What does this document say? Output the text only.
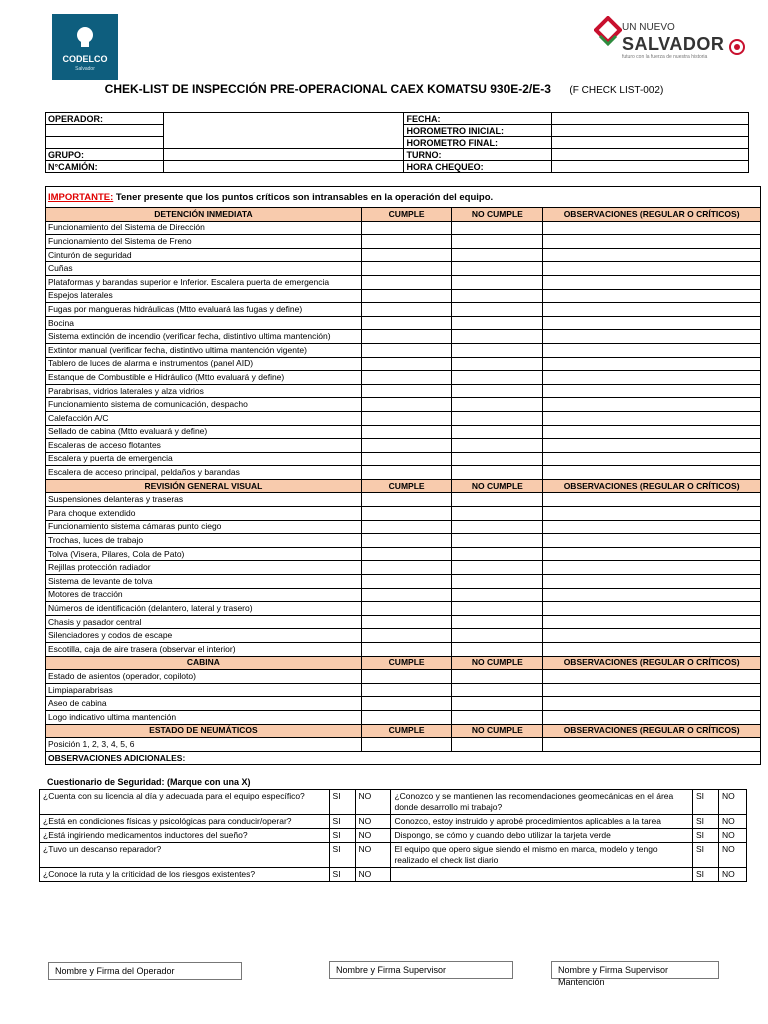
CODELCO
Salvador
UN NUEVO
SALVADOR
futuro con la fuerza de nuestra historia
CHEK-LIST DE INSPECCIÓN PRE-OPERACIONAL CAEX KOMATSU 930E-2/E-3 (F CHECK LIST-002)
OPERADOR:		FECHA:	
		HOROMETRO INICIAL:	
		HOROMETRO FINAL:	
GRUPO:		TURNO:	
N°CAMIÓN:		HORA CHEQUEO:	
IMPORTANTE: Tener presente que los puntos críticos son intransables en la operación del equipo.			
DETENCIÓN INMEDIATA	CUMPLE	NO CUMPLE	OBSERVACIONES (REGULAR O CRÍTICOS)
Funcionamiento del Sistema de Dirección			
Funcionamiento del Sistema de Freno			
Cinturón de seguridad			
Cuñas			
Plataformas y barandas superior e Inferior. Escalera puerta de emergencia			
Espejos laterales			
Fugas por mangueras hidráulicas (Mtto evaluará las fugas y define)			
Bocina			
Sistema extinción de incendio (verificar fecha, distintivo ultima mantención)			
Extintor manual (verificar fecha, distintivo ultima mantención vigente)			
Tablero de luces de alarma e instrumentos (panel AID)			
Estanque de Combustible e Hidráulico (Mtto evaluará y define)			
Parabrisas, vidrios laterales y alza vidrios			
Funcionamiento sistema de comunicación, despacho			
Calefacción A/C			
Sellado de cabina (Mtto evaluará y define)			
Escaleras de acceso flotantes			
Escalera y puerta de emergencia			
Escalera de acceso principal, peldaños y barandas			
REVISIÓN GENERAL VISUAL	CUMPLE	NO CUMPLE	OBSERVACIONES (REGULAR O CRÍTICOS)
Suspensiones delanteras y traseras			
Para choque extendido			
Funcionamiento sistema cámaras punto ciego			
Trochas, luces de trabajo			
Tolva (Visera, Pilares, Cola de Pato)			
Rejillas protección radiador			
Sistema de levante de tolva			
Motores de tracción			
Números de identificación (delantero, lateral y trasero)			
Chasis y pasador central			
Silenciadores y codos de escape			
Escotilla, caja de aire trasera (observar el interior)			
CABINA	CUMPLE	NO CUMPLE	OBSERVACIONES (REGULAR O CRÍTICOS)
Estado de asientos (operador, copiloto)			
Limpiaparabrisas			
Aseo de cabina			
Logo indicativo ultima mantención			
ESTADO DE NEUMÁTICOS	CUMPLE	NO CUMPLE	OBSERVACIONES (REGULAR O CRÍTICOS)
Posición 1, 2, 3, 4, 5, 6			
OBSERVACIONES ADICIONALES:			
Cuestionario de Seguridad: (Marque con una X)
¿Cuenta con su licencia al día y adecuada para el equipo específico?	SI	NO	¿Conozco y se mantienen las recomendaciones geomecánicas en el área donde desarrollo mi trabajo?	SI	NO
¿Está en condiciones físicas y psicológicas para conducir/operar?	SI	NO	Conozco, estoy instruido y aprobé procedimientos aplicables a la tarea	SI	NO
¿Está ingiriendo medicamentos inductores del sueño?	SI	NO	Dispongo, se cómo y cuando debo utilizar la tarjeta verde	SI	NO
¿Tuvo un descanso reparador?	SI	NO	El equipo que opero sigue siendo el mismo en marca, modelo y tengo realizado el check list diario	SI	NO
¿Conoce la ruta y la criticidad de los riesgos existentes?	SI	NO		SI	NO
Nombre y Firma del Operador	Nombre y Firma Supervisor	Nombre y Firma Supervisor Mantención
